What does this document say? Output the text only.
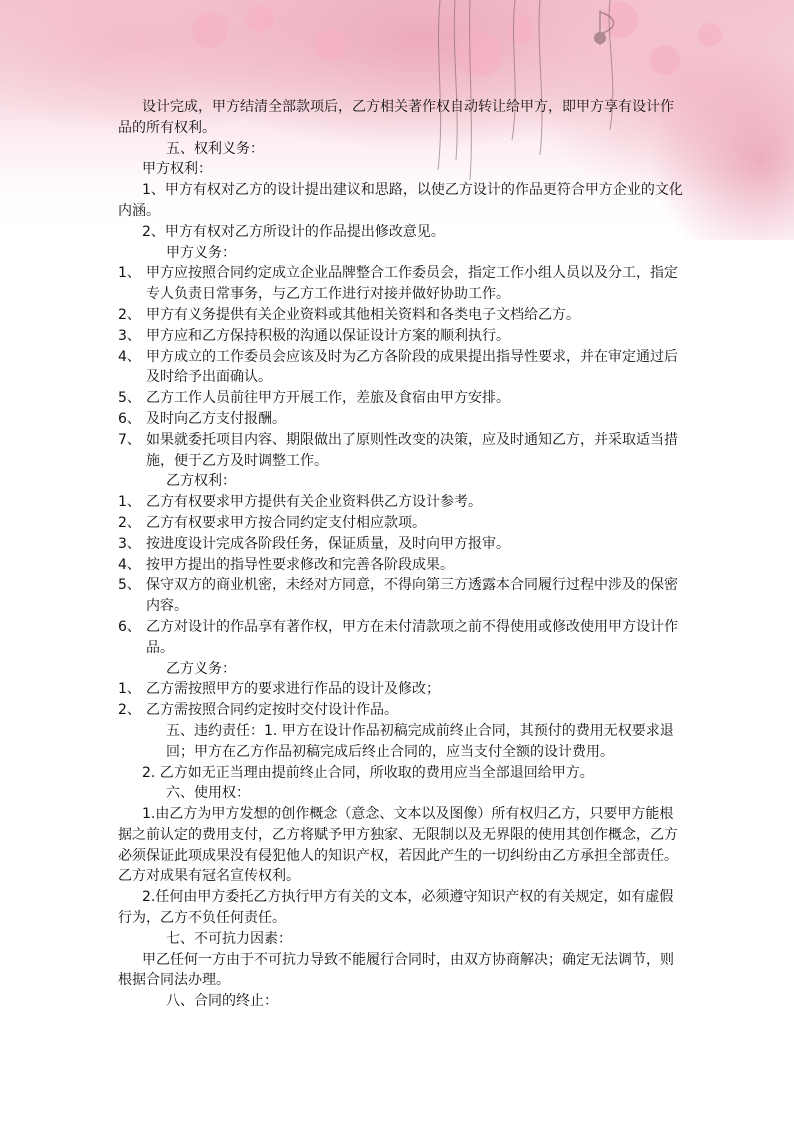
设计完成，甲方结清全部款项后，乙方相关著作权自动转让给甲方，即甲方享有设计作品的所有权利。

五、权利义务：

甲方权利：

1、甲方有权对乙方的设计提出建议和思路，以使乙方设计的作品更符合甲方企业的文化内涵。

2、甲方有权对乙方所设计的作品提出修改意见。

甲方义务：

1、 甲方应按照合同约定成立企业品牌整合工作委员会，指定工作小组人员以及分工，指定专人负责日常事务，与乙方工作进行对接并做好协助工作。
2、 甲方有义务提供有关企业资料或其他相关资料和各类电子文档给乙方。
3、 甲方应和乙方保持积极的沟通以保证设计方案的顺利执行。
4、 甲方成立的工作委员会应该及时为乙方各阶段的成果提出指导性要求，并在审定通过后及时给予出面确认。
5、 乙方工作人员前往甲方开展工作，差旅及食宿由甲方安排。
6、 及时向乙方支付报酬。
7、 如果就委托项目内容、期限做出了原则性改变的决策，应及时通知乙方，并采取适当措施，便于乙方及时调整工作。

乙方权利：

1、 乙方有权要求甲方提供有关企业资料供乙方设计参考。
2、 乙方有权要求甲方按合同约定支付相应款项。
3、 按进度设计完成各阶段任务，保证质量，及时向甲方报审。
4、 按甲方提出的指导性要求修改和完善各阶段成果。
5、 保守双方的商业机密，未经对方同意，不得向第三方透露本合同履行过程中涉及的保密内容。
6、 乙方对设计的作品享有著作权，甲方在未付清款项之前不得使用或修改使用甲方设计作品。

乙方义务：

1、 乙方需按照甲方的要求进行作品的设计及修改；
2、 乙方需按照合同约定按时交付设计作品。

五、违约责任：1. 甲方在设计作品初稿完成前终止合同，其预付的费用无权要求退回；甲方在乙方作品初稿完成后终止合同的，应当支付全额的设计费用。

2. 乙方如无正当理由提前终止合同，所收取的费用应当全部退回给甲方。

六、使用权：

1.由乙方为甲方发想的创作概念（意念、文本以及图像）所有权归乙方，只要甲方能根据之前认定的费用支付，乙方将赋予甲方独家、无限制以及无界限的使用其创作概念，乙方必须保证此项成果没有侵犯他人的知识产权，若因此产生的一切纠纷由乙方承担全部责任。乙方对成果有冠名宣传权利。

2.任何由甲方委托乙方执行甲方有关的文本，必须遵守知识产权的有关规定，如有虚假行为，乙方不负任何责任。

七、不可抗力因素：

甲乙任何一方由于不可抗力导致不能履行合同时，由双方协商解决；确定无法调节，则根据合同法办理。

八、合同的终止：
